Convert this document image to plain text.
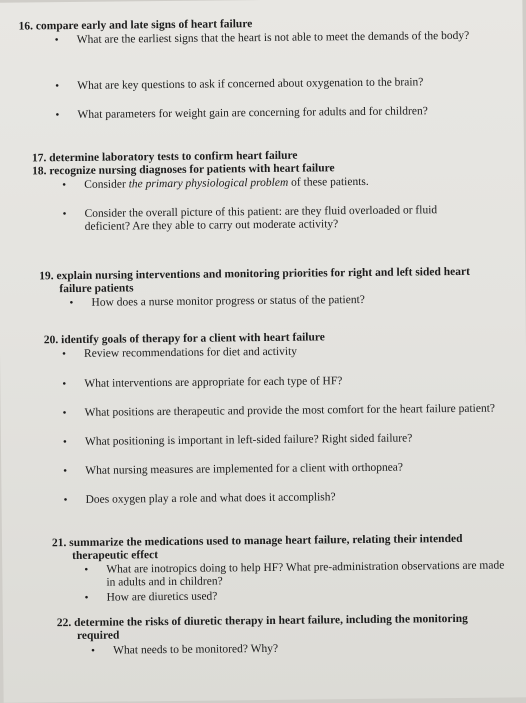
16. compare early and late signs of heart failure
• What are the earliest signs that the heart is not able to meet the demands of the body?
• What are key questions to ask if concerned about oxygenation to the brain?
• What parameters for weight gain are concerning for adults and for children?
17. determine laboratory tests to confirm heart failure
18. recognize nursing diagnoses for patients with heart failure
• Consider the primary physiological problem of these patients.
• Consider the overall picture of this patient: are they fluid overloaded or fluid deficient? Are they able to carry out moderate activity?
19. explain nursing interventions and monitoring priorities for right and left sided heart
failure patients
• How does a nurse monitor progress or status of the patient?
20. identify goals of therapy for a client with heart failure
• Review recommendations for diet and activity
• What interventions are appropriate for each type of HF?
• What positions are therapeutic and provide the most comfort for the heart failure patient?
• What positioning is important in left-sided failure? Right sided failure?
• What nursing measures are implemented for a client with orthopnea?
• Does oxygen play a role and what does it accomplish?
21. summarize the medications used to manage heart failure, relating their intended
therapeutic effect
• What are inotropics doing to help HF? What pre-administration observations are made in adults and in children?
• How are diuretics used?
22. determine the risks of diuretic therapy in heart failure, including the monitoring
required
• What needs to be monitored? Why?
